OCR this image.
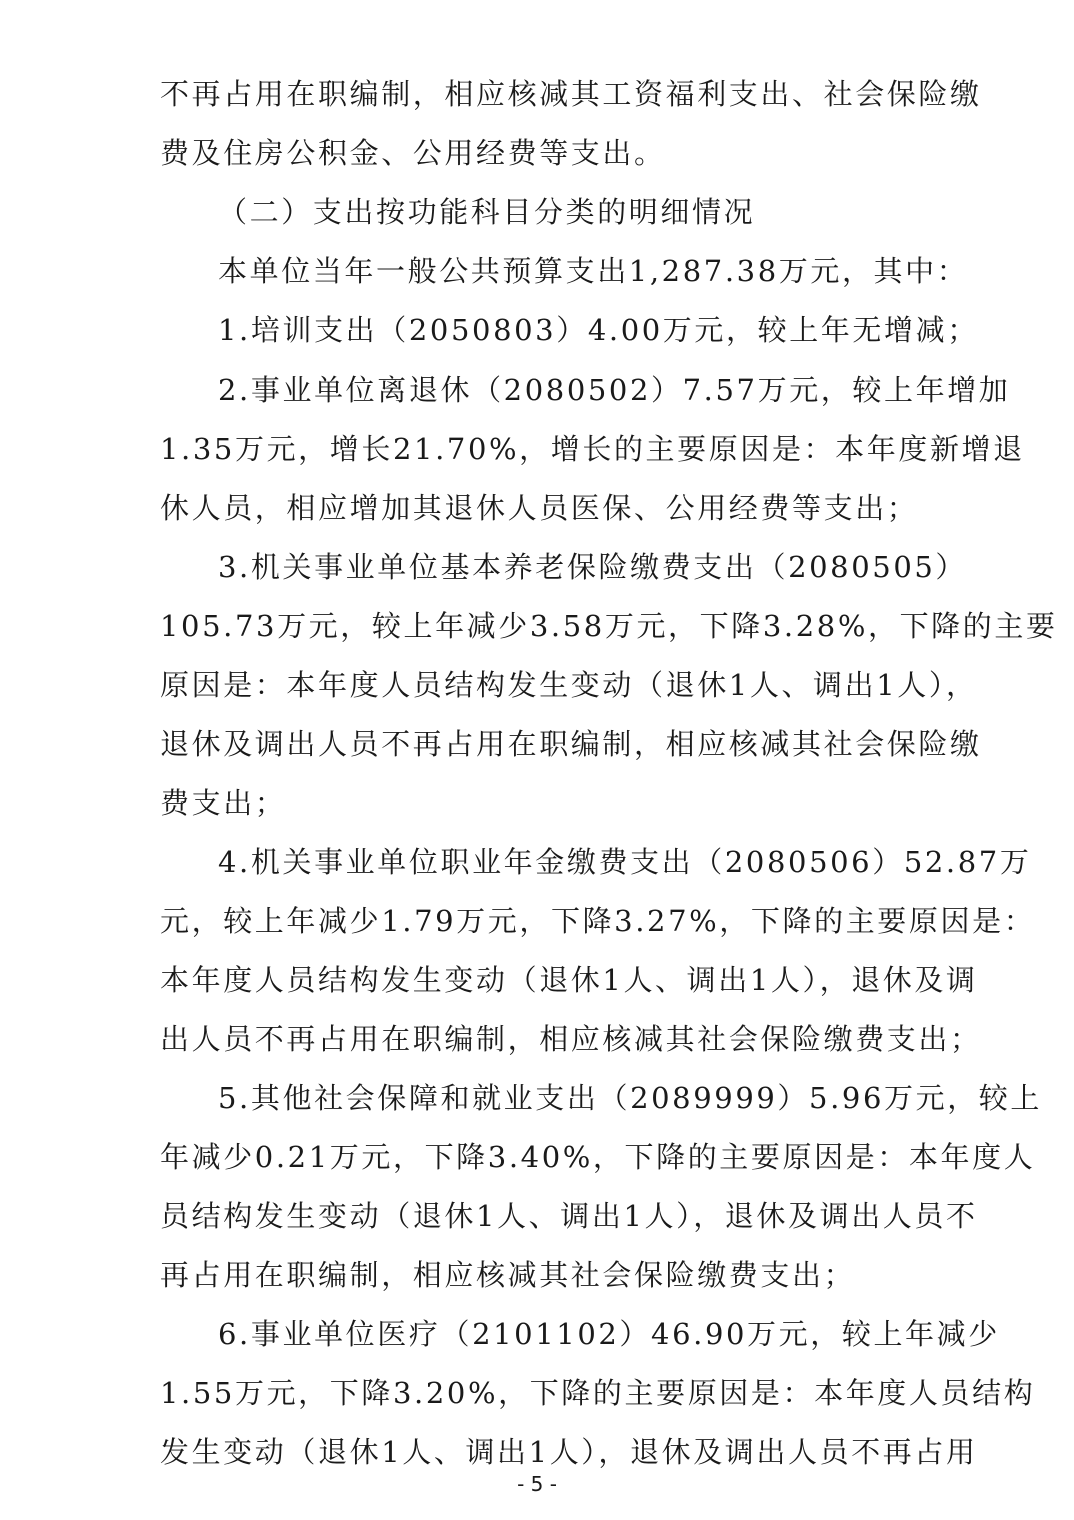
不再占用在职编制，相应核减其工资福利支出、社会保险缴
费及住房公积金、公用经费等支出。
（二）支出按功能科目分类的明细情况
本单位当年一般公共预算支出1,287.38万元，其中：
1.培训支出（2050803）4.00万元，较上年无增减；
2.事业单位离退休（2080502）7.57万元，较上年增加
1.35万元，增长21.70%，增长的主要原因是：本年度新增退
休人员，相应增加其退休人员医保、公用经费等支出；
3.机关事业单位基本养老保险缴费支出（2080505）
105.73万元，较上年减少3.58万元，下降3.28%，下降的主要
原因是：本年度人员结构发生变动（退休1人、调出1人），
退休及调出人员不再占用在职编制，相应核减其社会保险缴
费支出；
4.机关事业单位职业年金缴费支出（2080506）52.87万
元，较上年减少1.79万元，下降3.27%，下降的主要原因是：
本年度人员结构发生变动（退休1人、调出1人），退休及调
出人员不再占用在职编制，相应核减其社会保险缴费支出；
5.其他社会保障和就业支出（2089999）5.96万元，较上
年减少0.21万元，下降3.40%，下降的主要原因是：本年度人
员结构发生变动（退休1人、调出1人），退休及调出人员不
再占用在职编制，相应核减其社会保险缴费支出；
6.事业单位医疗（2101102）46.90万元，较上年减少
1.55万元，下降3.20%，下降的主要原因是：本年度人员结构
发生变动（退休1人、调出1人），退休及调出人员不再占用
- 5 -
